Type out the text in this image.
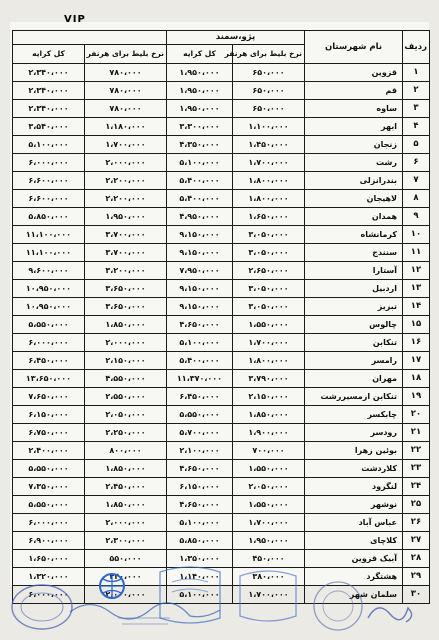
VIP
ردیف	نام شهرستان	پژو،سمند			
		نرخ بلیط برای هرنفر	کل کرایه	نرخ بلیط برای هرنفر	کل کرایه
۱	قزوین	۶۵۰،۰۰۰	۱،۹۵۰،۰۰۰	۷۸۰،۰۰۰	۲،۳۴۰،۰۰۰
۲	قم	۶۵۰،۰۰۰	۱،۹۵۰،۰۰۰	۷۸۰،۰۰۰	۲،۳۴۰،۰۰۰
۳	ساوه	۶۵۰،۰۰۰	۱،۹۵۰،۰۰۰	۷۸۰،۰۰۰	۲،۳۴۰،۰۰۰
۴	ابهر	۱،۱۰۰،۰۰۰	۳،۳۰۰،۰۰۰	۱،۱۸۰،۰۰۰	۳،۵۴۰،۰۰۰
۵	زنجان	۱،۴۵۰،۰۰۰	۴،۳۵۰،۰۰۰	۱،۷۰۰،۰۰۰	۵،۱۰۰،۰۰۰
۶	رشت	۱،۷۰۰،۰۰۰	۵،۱۰۰،۰۰۰	۲،۰۰۰،۰۰۰	۶،۰۰۰،۰۰۰
۷	بندرانزلی	۱،۸۰۰،۰۰۰	۵،۴۰۰،۰۰۰	۲،۲۰۰،۰۰۰	۶،۶۰۰،۰۰۰
۸	لاهیجان	۱،۸۰۰،۰۰۰	۵،۴۰۰،۰۰۰	۲،۲۰۰،۰۰۰	۶،۶۰۰،۰۰۰
۹	همدان	۱،۶۵۰،۰۰۰	۴،۹۵۰،۰۰۰	۱،۹۵۰،۰۰۰	۵،۸۵۰،۰۰۰
۱۰	کرمانشاه	۳،۰۵۰،۰۰۰	۹،۱۵۰،۰۰۰	۳،۷۰۰،۰۰۰	۱۱،۱۰۰،۰۰۰
۱۱	سنندج	۳،۰۵۰،۰۰۰	۹،۱۵۰،۰۰۰	۳،۷۰۰،۰۰۰	۱۱،۱۰۰،۰۰۰
۱۲	آستارا	۲،۶۵۰،۰۰۰	۷،۹۵۰،۰۰۰	۳،۲۰۰،۰۰۰	۹،۶۰۰،۰۰۰
۱۳	اردبیل	۳،۰۵۰،۰۰۰	۹،۱۵۰،۰۰۰	۳،۶۵۰،۰۰۰	۱۰،۹۵۰،۰۰۰
۱۴	تبریز	۳،۰۵۰،۰۰۰	۹،۱۵۰،۰۰۰	۳،۶۵۰،۰۰۰	۱۰،۹۵۰،۰۰۰
۱۵	چالوس	۱،۵۵۰،۰۰۰	۴،۶۵۰،۰۰۰	۱،۸۵۰،۰۰۰	۵،۵۵۰،۰۰۰
۱۶	تنکابن	۱،۷۰۰،۰۰۰	۵،۱۰۰،۰۰۰	۲،۰۰۰،۰۰۰	۶،۰۰۰،۰۰۰
۱۷	رامسر	۱،۸۰۰،۰۰۰	۵،۴۰۰،۰۰۰	۲،۱۵۰،۰۰۰	۶،۴۵۰،۰۰۰
۱۸	مهران	۳،۷۹۰،۰۰۰	۱۱،۳۷۰،۰۰۰	۴،۵۵۰،۰۰۰	۱۳،۶۵۰،۰۰۰
۱۹	تنکابن ازمسیررشت	۲،۱۵۰،۰۰۰	۶،۴۵۰،۰۰۰	۲،۵۵۰،۰۰۰	۷،۶۵۰،۰۰۰
۲۰	چابکسر	۱،۸۵۰،۰۰۰	۵،۵۵۰،۰۰۰	۲،۰۵۰،۰۰۰	۶،۱۵۰،۰۰۰
۲۱	رودسر	۱،۹۰۰،۰۰۰	۵،۷۰۰،۰۰۰	۲،۲۵۰،۰۰۰	۶،۷۵۰،۰۰۰
۲۲	بوئین زهرا	۷۰۰،۰۰۰	۲،۱۰۰،۰۰۰	۸۰۰،۰۰۰	۲،۴۰۰،۰۰۰
۲۳	کلاردشت	۱،۵۵۰،۰۰۰	۴،۶۵۰،۰۰۰	۱،۸۵۰،۰۰۰	۵،۵۵۰،۰۰۰
۲۴	لنگرود	۲،۰۵۰،۰۰۰	۶،۱۵۰،۰۰۰	۲،۴۵۰،۰۰۰	۷،۳۵۰،۰۰۰
۲۵	نوشهر	۱،۵۵۰،۰۰۰	۴،۶۵۰،۰۰۰	۱،۸۵۰،۰۰۰	۵،۵۵۰،۰۰۰
۲۶	عباس آباد	۱،۷۰۰،۰۰۰	۵،۱۰۰،۰۰۰	۲،۰۰۰،۰۰۰	۶،۰۰۰،۰۰۰
۲۷	کلاچای	۱،۹۵۰،۰۰۰	۵،۸۵۰،۰۰۰	۲،۳۰۰،۰۰۰	۶،۹۰۰،۰۰۰
۲۸	آبیک قزوین	۴۵۰،۰۰۰	۱،۳۵۰،۰۰۰	۵۵۰،۰۰۰	۱،۶۵۰،۰۰۰
۲۹	هشتگرد	۳۸۰،۰۰۰	۱،۱۴۰،۰۰۰	۴۴۰،۰۰۰	۱،۳۲۰،۰۰۰
۳۰	سلمان شهر	۱،۷۰۰،۰۰۰	۵،۱۰۰،۰۰۰	۲،۰۰۰،۰۰۰	۶،۰۰۰،۰۰۰
